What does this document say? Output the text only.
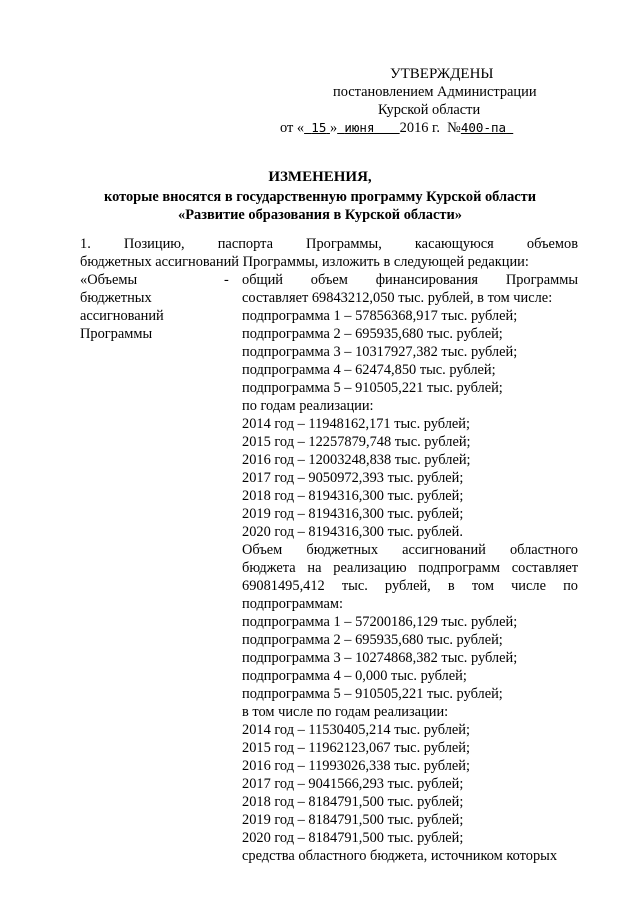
УТВЕРЖДЕНЫ
постановлением Администрации
Курской области
от « 15 » июня 2016 г. №400-па
ИЗМЕНЕНИЯ,
которые вносятся в государственную программу Курской области
«Развитие образования в Курской области»
1. Позицию, паспорта Программы, касающуюся объемов
бюджетных ассигнований Программы, изложить в следующей редакции:
«Объемы
бюджетных
ассигнований
Программы
- общий объем финансирования Программы
составляет 69843212,050 тыс. рублей, в том числе:
подпрограмма 1 – 57856368,917 тыс. рублей;
подпрограмма 2 – 695935,680 тыс. рублей;
подпрограмма 3 – 10317927,382 тыс. рублей;
подпрограмма 4 – 62474,850 тыс. рублей;
подпрограмма 5 – 910505,221 тыс. рублей;
по годам реализации:
2014 год – 11948162,171 тыс. рублей;
2015 год – 12257879,748 тыс. рублей;
2016 год – 12003248,838 тыс. рублей;
2017 год – 9050972,393 тыс. рублей;
2018 год – 8194316,300 тыс. рублей;
2019 год – 8194316,300 тыс. рублей;
2020 год – 8194316,300 тыс. рублей.
Объем бюджетных ассигнований областного
бюджета на реализацию подпрограмм составляет
69081495,412 тыс. рублей, в том числе по
подпрограммам:
подпрограмма 1 – 57200186,129 тыс. рублей;
подпрограмма 2 – 695935,680 тыс. рублей;
подпрограмма 3 – 10274868,382 тыс. рублей;
подпрограмма 4 – 0,000 тыс. рублей;
подпрограмма 5 – 910505,221 тыс. рублей;
в том числе по годам реализации:
2014 год – 11530405,214 тыс. рублей;
2015 год – 11962123,067 тыс. рублей;
2016 год – 11993026,338 тыс. рублей;
2017 год – 9041566,293 тыс. рублей;
2018 год – 8184791,500 тыс. рублей;
2019 год – 8184791,500 тыс. рублей;
2020 год – 8184791,500 тыс. рублей;
средства областного бюджета, источником которых
